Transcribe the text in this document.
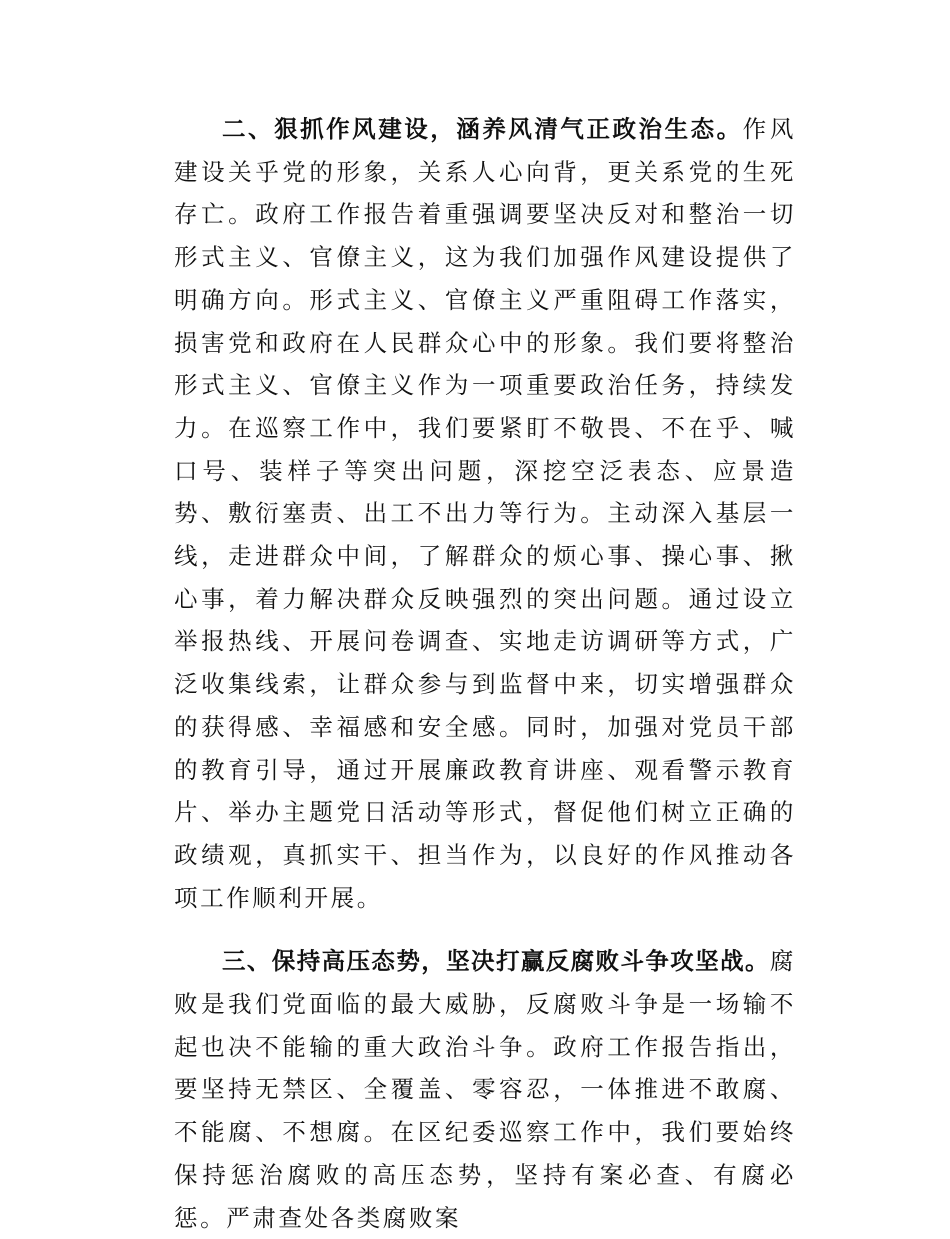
二、狠抓作风建设，涵养风清气正政治生态。作风建设关乎党的形象，关系人心向背，更关系党的生死存亡。政府工作报告着重强调要坚决反对和整治一切形式主义、官僚主义，这为我们加强作风建设提供了明确方向。形式主义、官僚主义严重阻碍工作落实，损害党和政府在人民群众心中的形象。我们要将整治形式主义、官僚主义作为一项重要政治任务，持续发力。在巡察工作中，我们要紧盯不敬畏、不在乎、喊口号、装样子等突出问题，深挖空泛表态、应景造势、敷衍塞责、出工不出力等行为。主动深入基层一线，走进群众中间，了解群众的烦心事、操心事、揪心事，着力解决群众反映强烈的突出问题。通过设立举报热线、开展问卷调查、实地走访调研等方式，广泛收集线索，让群众参与到监督中来，切实增强群众的获得感、幸福感和安全感。同时，加强对党员干部的教育引导，通过开展廉政教育讲座、观看警示教育片、举办主题党日活动等形式，督促他们树立正确的政绩观，真抓实干、担当作为，以良好的作风推动各项工作顺利开展。

三、保持高压态势，坚决打赢反腐败斗争攻坚战。腐败是我们党面临的最大威胁，反腐败斗争是一场输不起也决不能输的重大政治斗争。政府工作报告指出，要坚持无禁区、全覆盖、零容忍，一体推进不敢腐、不能腐、不想腐。在区纪委巡察工作中，我们要始终保持惩治腐败的高压态势，坚持有案必查、有腐必惩。严肃查处各类腐败案
